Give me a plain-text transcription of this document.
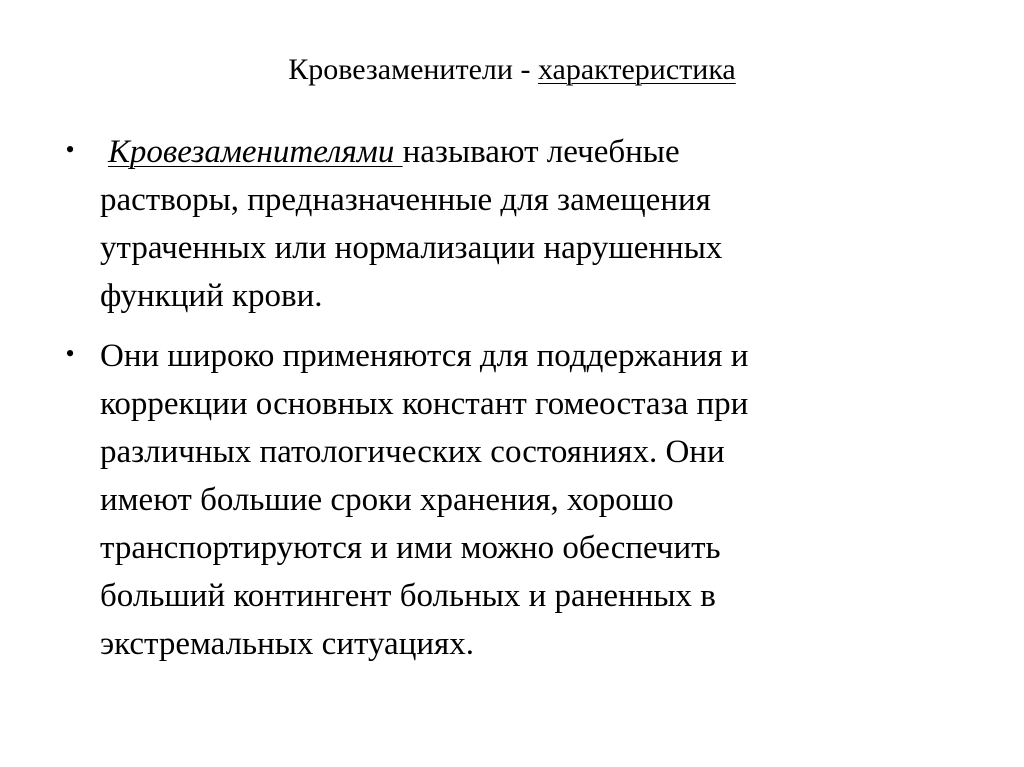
Кровезаменители - характеристика
• Кровезаменителями называют лечебные
растворы, предназначенные для замещения
утраченных или нормализации нарушенных
функций крови.
• Они широко применяются для поддержания и
коррекции основных констант гомеостаза при
различных патологических состояниях. Они
имеют большие сроки хранения, хорошо
транспортируются и ими можно обеспечить
больший контингент больных и раненных в
экстремальных ситуациях.
